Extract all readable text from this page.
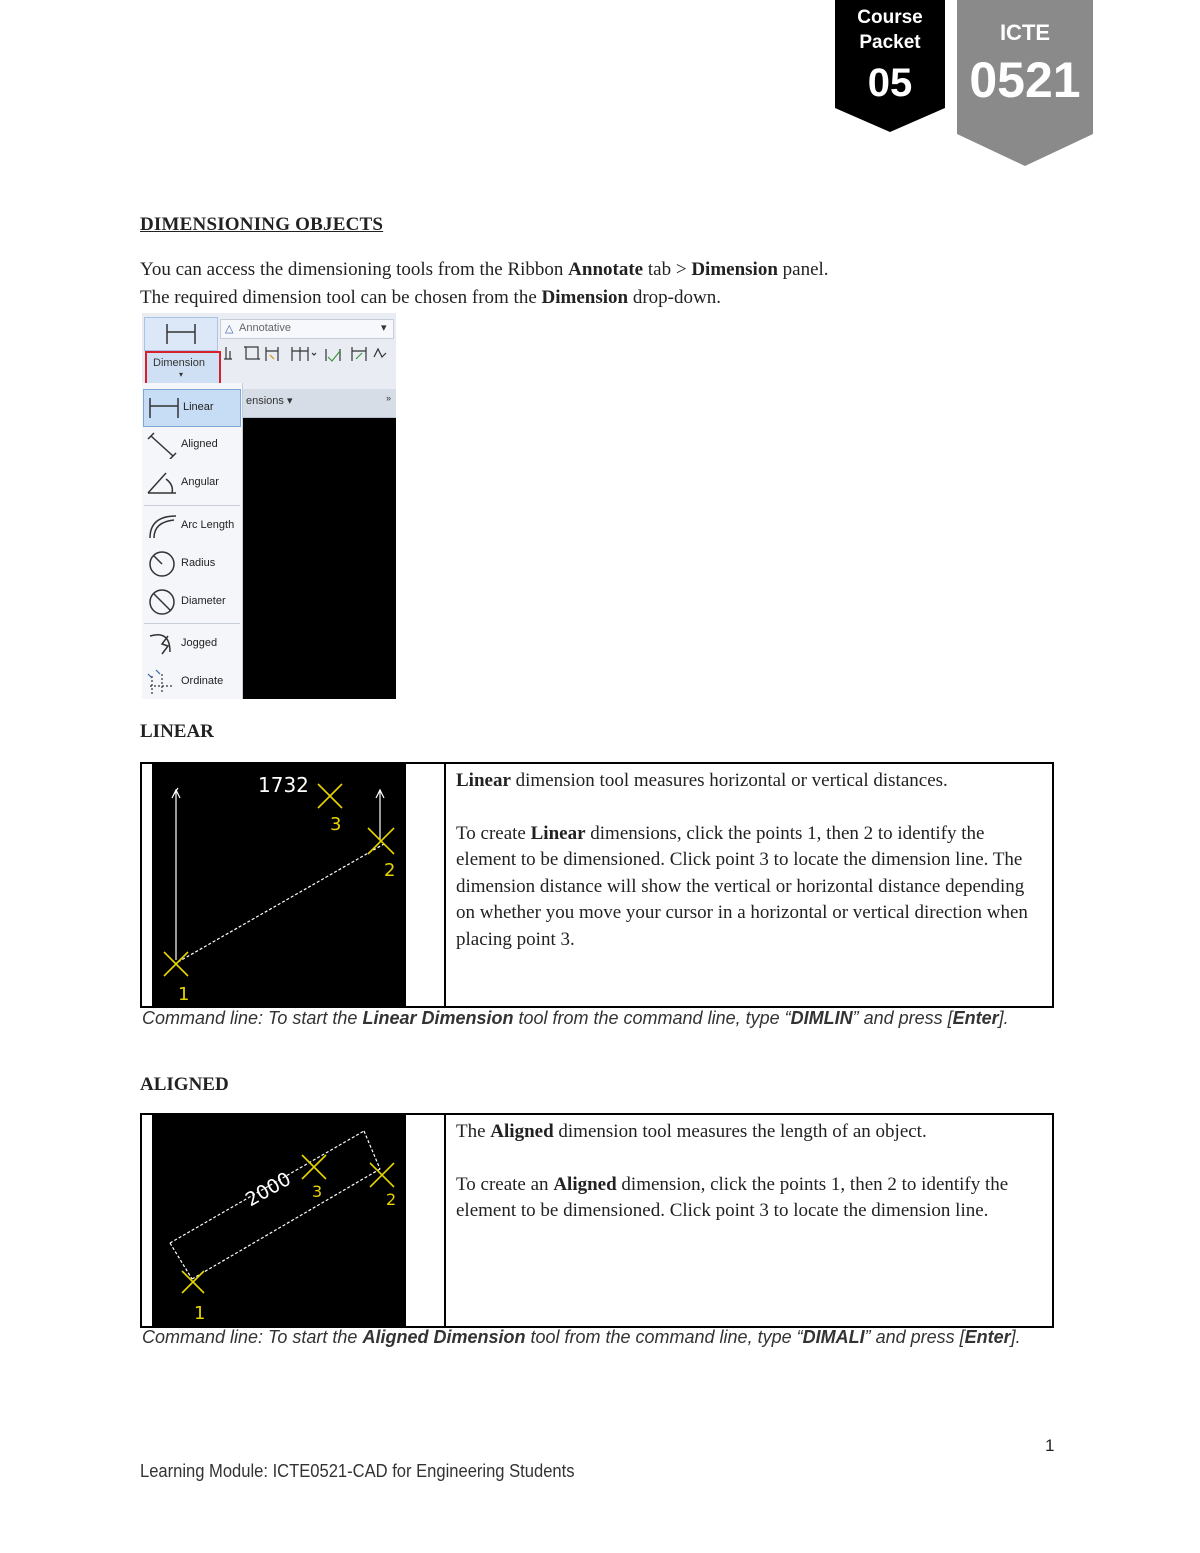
Course
Packet
05
ICTE
0521
DIMENSIONING OBJECTS
You can access the dimensioning tools from the Ribbon Annotate tab > Dimension panel.
The required dimension tool can be chosen from the Dimension drop-down.
Dimension
▾
△ Annotative	▾
ensions ▾	»
Linear
Aligned
Angular
Arc Length
Radius
Diameter
Jogged
Ordinate
LINEAR
1732
1
2
3

Linear dimension tool measures horizontal or vertical distances.

To create Linear dimensions, click the points 1, then 2 to identify the element to be dimensioned. Click point 3 to locate the dimension line. The dimension distance will show the vertical or horizontal distance depending on whether you move your cursor in a horizontal or vertical direction when placing point 3.

Command line: To start the Linear Dimension tool from the command line, type “DIMLIN” and press [Enter].
ALIGNED
2000
1
2
3

The Aligned dimension tool measures the length of an object.

To create an Aligned dimension, click the points 1, then 2 to identify the element to be dimensioned. Click point 3 to locate the dimension line.

Command line: To start the Aligned Dimension tool from the command line, type “DIMALI” and press [Enter].
1
Learning Module: ICTE0521-CAD for Engineering Students
